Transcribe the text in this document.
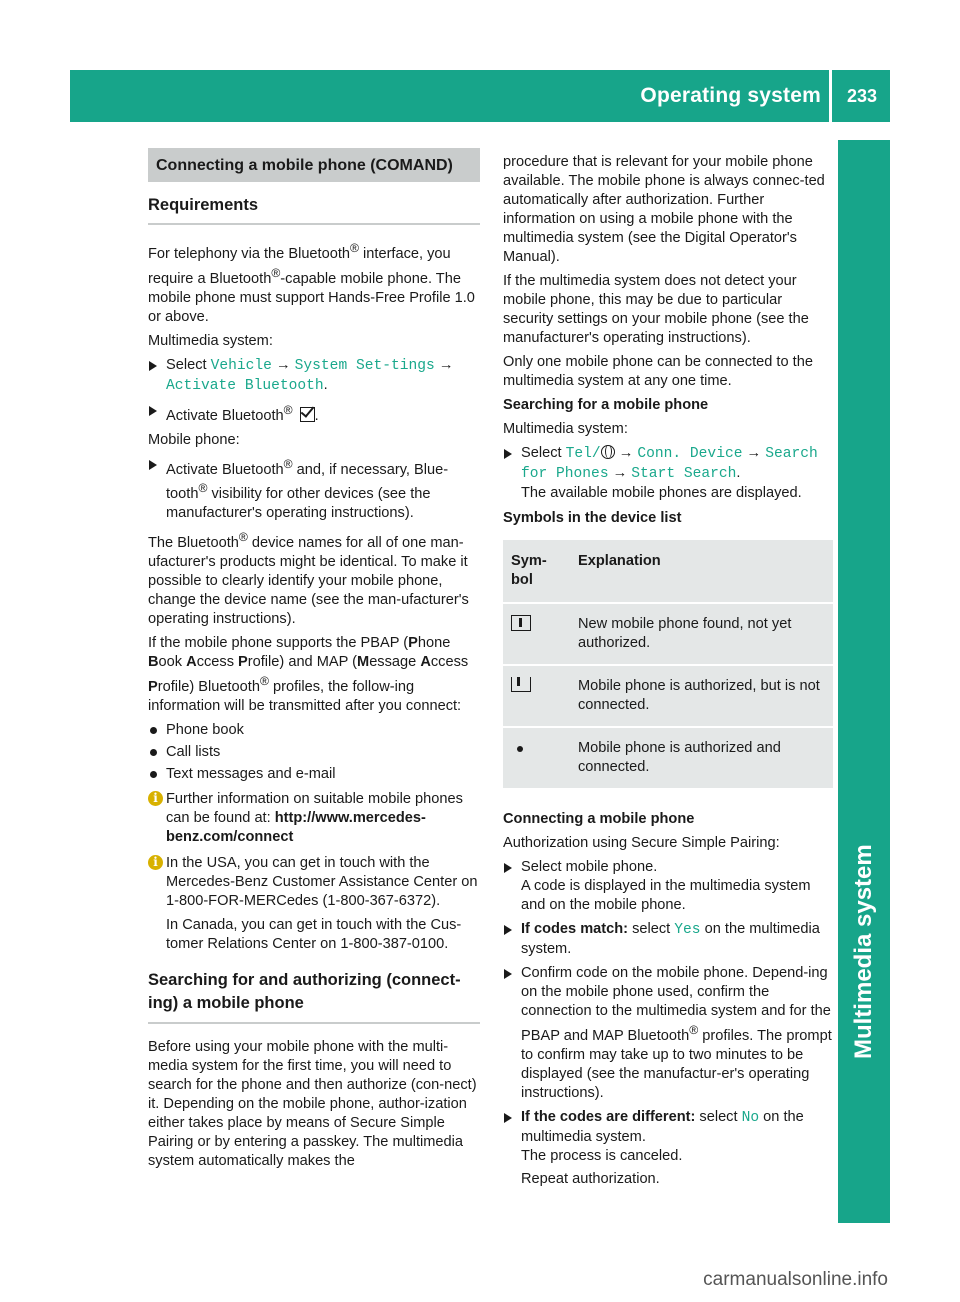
Operating system	233
Multimedia system
Connecting a mobile phone (COMAND)
Requirements

For telephony via the Bluetooth® interface, you require a Bluetooth®-capable mobile phone. The mobile phone must support Hands-Free Profile 1.0 or above.

Multimedia system:

Select Vehicle → System Set‐tings → Activate Bluetooth.
Activate Bluetooth® .

Mobile phone:

Activate Bluetooth® and, if necessary, Blue‐tooth® visibility for other devices (see the manufacturer's operating instructions).

The Bluetooth® device names for all of one man‐ufacturer's products might be identical. To make it possible to clearly identify your mobile phone, change the device name (see the man‐ufacturer's operating instructions).

If the mobile phone supports the PBAP (Phone Book Access Profile) and MAP (Message Access Profile) Bluetooth® profiles, the follow‐ing information will be transmitted after you connect:

Phone book
Call lists
Text messages and e-mail
i Further information on suitable mobile phones can be found at: http://www.mercedes-benz.com/connect
i In the USA, you can get in touch with the Mercedes-Benz Customer Assistance Center on 1-800-FOR-MERCedes (1-800-367-6372).

In Canada, you can get in touch with the Cus‐tomer Relations Center on 1-800-387-0100.

Searching for and authorizing (connect‐ing) a mobile phone

Before using your mobile phone with the multi‐media system for the first time, you will need to search for the phone and then authorize (con‐nect) it. Depending on the mobile phone, author‐ization either takes place by means of Secure Simple Pairing or by entering a passkey. The multimedia system automatically makes the

procedure that is relevant for your mobile phone available. The mobile phone is always connec‐ted automatically after authorization. Further information on using a mobile phone with the multimedia system (see the Digital Operator's Manual).

If the multimedia system does not detect your mobile phone, this may be due to particular security settings on your mobile phone (see the manufacturer's operating instructions).

Only one mobile phone can be connected to the multimedia system at any one time.

Searching for a mobile phone

Multimedia system:

Select Tel/ → Conn. Device → Search for Phones → Start Search.
The available mobile phones are displayed.

Symbols in the device list

Sym‐bol
Explanation
New mobile phone found, not yet authorized.
Mobile phone is authorized, but is not connected.
Mobile phone is authorized and connected.

Connecting a mobile phone

Authorization using Secure Simple Pairing:

Select mobile phone.
A code is displayed in the multimedia system and on the mobile phone.
If codes match: select Yes on the multimedia system.
Confirm code on the mobile phone. Depend‐ing on the mobile phone used, confirm the connection to the multimedia system and for the PBAP and MAP Bluetooth® profiles. The prompt to confirm may take up to two minutes to be displayed (see the manufactur‐er's operating instructions).
If the codes are different: select No on the multimedia system.
The process is canceled.

Repeat authorization.

carmanualsonline.info
